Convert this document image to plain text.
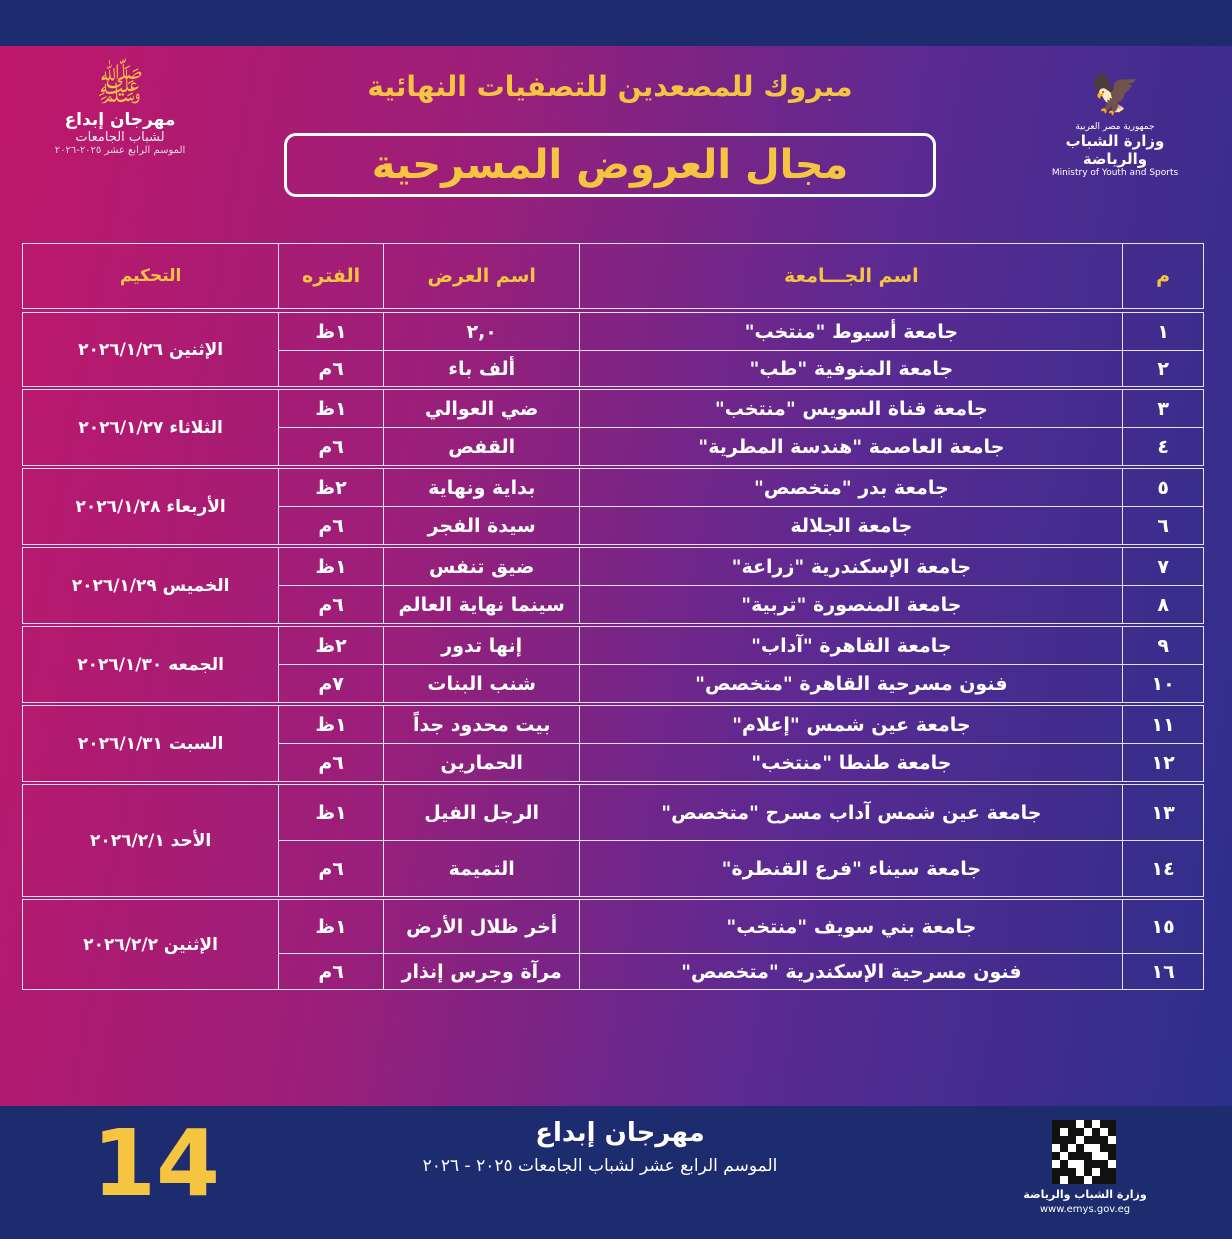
ﷺ
مهرجان إبداع
لشباب الجامعات
الموسم الرابع عشر ٢٠٢٥-٢٠٢٦
مبروك للمصعدين للتصفيات النهائية
مجال العروض المسرحية
🦅
جمهورية مصر العربية
وزارة الشباب والرياضة
Ministry of Youth and Sports
م	اسم الجـــامعة	اسم العرض	الفتره	التحكيم

١	جامعة أسيوط "منتخب"	٢,٠	١ظ	الإثنين ٢٠٢٦/١/٢٦
٢	جامعة المنوفية "طب"	ألف باء	٦م	

٣	جامعة قناة السويس "منتخب"	ضي العوالي	١ظ	الثلاثاء ٢٠٢٦/١/٢٧
٤	جامعة العاصمة "هندسة المطرية"	القفص	٦م	

٥	جامعة بدر "متخصص"	بداية ونهاية	٢ظ	الأربعاء ٢٠٢٦/١/٢٨
٦	جامعة الجلالة	سيدة الفجر	٦م	

٧	جامعة الإسكندرية "زراعة"	ضيق تنفس	١ظ	الخميس ٢٠٢٦/١/٢٩
٨	جامعة المنصورة "تربية"	سينما نهاية العالم	٦م	

٩	جامعة القاهرة "آداب"	إنها تدور	٢ظ	الجمعه ٢٠٢٦/١/٣٠
١٠	فنون مسرحية القاهرة "متخصص"	شنب البنات	٧م	

١١	جامعة عين شمس "إعلام"	بيت محدود جداً	١ظ	السبت ٢٠٢٦/١/٣١
١٢	جامعة طنطا "منتخب"	الحمارين	٦م	

١٣	جامعة عين شمس آداب مسرح "متخصص"	الرجل الفيل	١ظ	الأحد ٢٠٢٦/٢/١
١٤	جامعة سيناء "فرع القنطرة"	التميمة	٦م	

١٥	جامعة بني سويف "منتخب"	أخر ظلال الأرض	١ظ	الإثنين ٢٠٢٦/٢/٢
١٦	فنون مسرحية الإسكندرية "متخصص"	مرآة وجرس إنذار	٦م	
14	مهرجان إبداع
الموسم الرابع عشر لشباب الجامعات ٢٠٢٥ - ٢٠٢٦
وزارة الشباب والرياضة
www.emys.gov.eg
